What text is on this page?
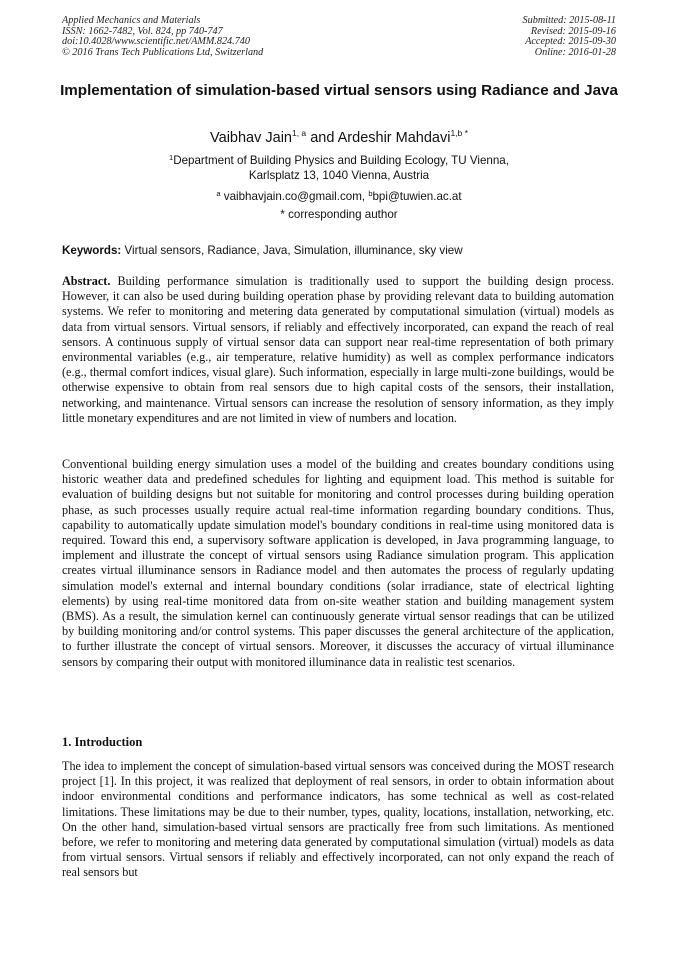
Applied Mechanics and Materials
ISSN: 1662-7482, Vol. 824, pp 740-747
doi:10.4028/www.scientific.net/AMM.824.740
© 2016 Trans Tech Publications Ltd, Switzerland
Submitted: 2015-08-11
Revised: 2015-09-16
Accepted: 2015-09-30
Online: 2016-01-28
Implementation of simulation-based virtual sensors using Radiance and Java
Vaibhav Jain$^{1, a}$ and Ardeshir Mahdavi$^{1,b *}$
$^1$Department of Building Physics and Building Ecology, TU Vienna,
Karlsplatz 13, 1040 Vienna, Austria
$^a$ vaibhavjain.co@gmail.com, $^b$bpi@tuwien.ac.at
* corresponding author
Keywords: Virtual sensors, Radiance, Java, Simulation, illuminance, sky view
Abstract. Building performance simulation is traditionally used to support the building design process. However, it can also be used during building operation phase by providing relevant data to building automation systems. We refer to monitoring and metering data generated by computational simulation (virtual) models as data from virtual sensors. Virtual sensors, if reliably and effectively incorporated, can expand the reach of real sensors. A continuous supply of virtual sensor data can support near real-time representation of both primary environmental variables (e.g., air temperature, relative humidity) as well as complex performance indicators (e.g., thermal comfort indices, visual glare). Such information, especially in large multi-zone buildings, would be otherwise expensive to obtain from real sensors due to high capital costs of the sensors, their installation, networking, and maintenance. Virtual sensors can increase the resolution of sensory information, as they imply little monetary expenditures and are not limited in view of numbers and location.
Conventional building energy simulation uses a model of the building and creates boundary conditions using historic weather data and predefined schedules for lighting and equipment load. This method is suitable for evaluation of building designs but not suitable for monitoring and control processes during building operation phase, as such processes usually require actual real-time information regarding boundary conditions. Thus, capability to automatically update simulation model's boundary conditions in real-time using monitored data is required. Toward this end, a supervisory software application is developed, in Java programming language, to implement and illustrate the concept of virtual sensors using Radiance simulation program. This application creates virtual illuminance sensors in Radiance model and then automates the process of regularly updating simulation model's external and internal boundary conditions (solar irradiance, state of electrical lighting elements) by using real-time monitored data from on-site weather station and building management system (BMS). As a result, the simulation kernel can continuously generate virtual sensor readings that can be utilized by building monitoring and/or control systems. This paper discusses the general architecture of the application, to further illustrate the concept of virtual sensors. Moreover, it discusses the accuracy of virtual illuminance sensors by comparing their output with monitored illuminance data in realistic test scenarios.
1. Introduction
The idea to implement the concept of simulation-based virtual sensors was conceived during the MOST research project [1]. In this project, it was realized that deployment of real sensors, in order to obtain information about indoor environmental conditions and performance indicators, has some technical as well as cost-related limitations. These limitations may be due to their number, types, quality, locations, installation, networking, etc. On the other hand, simulation-based virtual sensors are practically free from such limitations. As mentioned before, we refer to monitoring and metering data generated by computational simulation (virtual) models as data from virtual sensors. Virtual sensors if reliably and effectively incorporated, can not only expand the reach of real sensors but
